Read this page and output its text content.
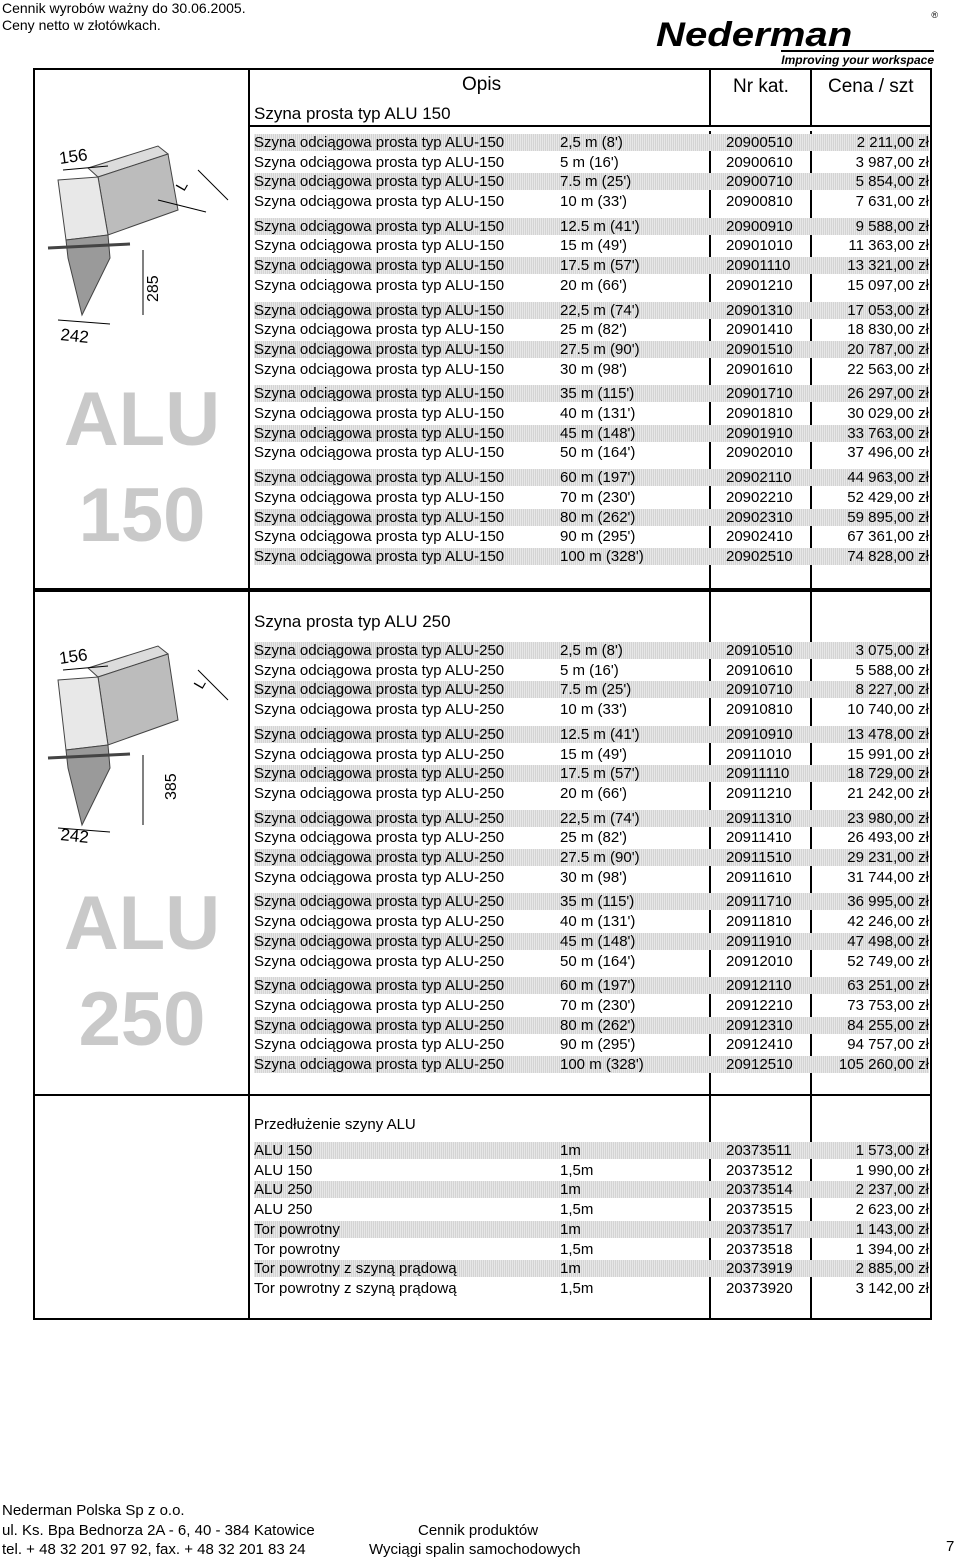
Cennik wyrobów ważny do 30.06.2005.
Ceny netto w złotówkach.	Nederman
®
Improving your workspace
Opis	Nr kat. Cena / szt
Szyna prosta typ ALU 150
156
L
285
242
ALU
150
Szyna odciągowa prosta typ ALU-150	2,5 m (8')	20900510	2 211,00 zł
Szyna odciągowa prosta typ ALU-150	5 m (16')	20900610	3 987,00 zł
Szyna odciągowa prosta typ ALU-150	7.5 m (25')	20900710	5 854,00 zł
Szyna odciągowa prosta typ ALU-150	10 m (33')	20900810	7 631,00 zł
Szyna odciągowa prosta typ ALU-150	12.5 m (41')	20900910	9 588,00 zł
Szyna odciągowa prosta typ ALU-150	15 m (49')	20901010	11 363,00 zł
Szyna odciągowa prosta typ ALU-150	17.5 m (57')	20901110	13 321,00 zł
Szyna odciągowa prosta typ ALU-150	20 m (66')	20901210	15 097,00 zł
Szyna odciągowa prosta typ ALU-150	22,5 m (74')	20901310	17 053,00 zł
Szyna odciągowa prosta typ ALU-150	25 m (82')	20901410	18 830,00 zł
Szyna odciągowa prosta typ ALU-150	27.5 m (90')	20901510	20 787,00 zł
Szyna odciągowa prosta typ ALU-150	30 m (98')	20901610	22 563,00 zł
Szyna odciągowa prosta typ ALU-150	35 m (115')	20901710	26 297,00 zł
Szyna odciągowa prosta typ ALU-150	40 m (131')	20901810	30 029,00 zł
Szyna odciągowa prosta typ ALU-150	45 m (148')	20901910	33 763,00 zł
Szyna odciągowa prosta typ ALU-150	50 m (164')	20902010	37 496,00 zł
Szyna odciągowa prosta typ ALU-150	60 m (197')	20902110	44 963,00 zł
Szyna odciągowa prosta typ ALU-150	70 m (230')	20902210	52 429,00 zł
Szyna odciągowa prosta typ ALU-150	80 m (262')	20902310	59 895,00 zł
Szyna odciągowa prosta typ ALU-150	90 m (295')	20902410	67 361,00 zł
Szyna odciągowa prosta typ ALU-150	100 m (328')	20902510	74 828,00 zł
Szyna prosta typ ALU 250
156
L
385
242
ALU
250
Szyna odciągowa prosta typ ALU-250	2,5 m (8')	20910510	3 075,00 zł
Szyna odciągowa prosta typ ALU-250	5 m (16')	20910610	5 588,00 zł
Szyna odciągowa prosta typ ALU-250	7.5 m (25')	20910710	8 227,00 zł
Szyna odciągowa prosta typ ALU-250	10 m (33')	20910810	10 740,00 zł
Szyna odciągowa prosta typ ALU-250	12.5 m (41')	20910910	13 478,00 zł
Szyna odciągowa prosta typ ALU-250	15 m (49')	20911010	15 991,00 zł
Szyna odciągowa prosta typ ALU-250	17.5 m (57')	20911110	18 729,00 zł
Szyna odciągowa prosta typ ALU-250	20 m (66')	20911210	21 242,00 zł
Szyna odciągowa prosta typ ALU-250	22,5 m (74')	20911310	23 980,00 zł
Szyna odciągowa prosta typ ALU-250	25 m (82')	20911410	26 493,00 zł
Szyna odciągowa prosta typ ALU-250	27.5 m (90')	20911510	29 231,00 zł
Szyna odciągowa prosta typ ALU-250	30 m (98')	20911610	31 744,00 zł
Szyna odciągowa prosta typ ALU-250	35 m (115')	20911710	36 995,00 zł
Szyna odciągowa prosta typ ALU-250	40 m (131')	20911810	42 246,00 zł
Szyna odciągowa prosta typ ALU-250	45 m (148')	20911910	47 498,00 zł
Szyna odciągowa prosta typ ALU-250	50 m (164')	20912010	52 749,00 zł
Szyna odciągowa prosta typ ALU-250	60 m (197')	20912110	63 251,00 zł
Szyna odciągowa prosta typ ALU-250	70 m (230')	20912210	73 753,00 zł
Szyna odciągowa prosta typ ALU-250	80 m (262')	20912310	84 255,00 zł
Szyna odciągowa prosta typ ALU-250	90 m (295')	20912410	94 757,00 zł
Szyna odciągowa prosta typ ALU-250	100 m (328')	20912510	105 260,00 zł
Przedłużenie szyny ALU
ALU 150	1m	20373511	1 573,00 zł
ALU 150	1,5m	20373512	1 990,00 zł
ALU 250	1m	20373514	2 237,00 zł
ALU 250	1,5m	20373515	2 623,00 zł
Tor powrotny	1m	20373517	1 143,00 zł
Tor powrotny	1,5m	20373518	1 394,00 zł
Tor powrotny z szyną prądową	1m	20373919	2 885,00 zł
Tor powrotny z szyną prądową	1,5m	20373920	3 142,00 zł
Nederman Polska Sp z o.o.
ul. Ks. Bpa Bednorza 2A - 6, 40 - 384 Katowice
tel. + 48 32 201 97 92, fax. + 48 32 201 83 24
Cennik produktów
Wyciągi spalin samochodowych	7
